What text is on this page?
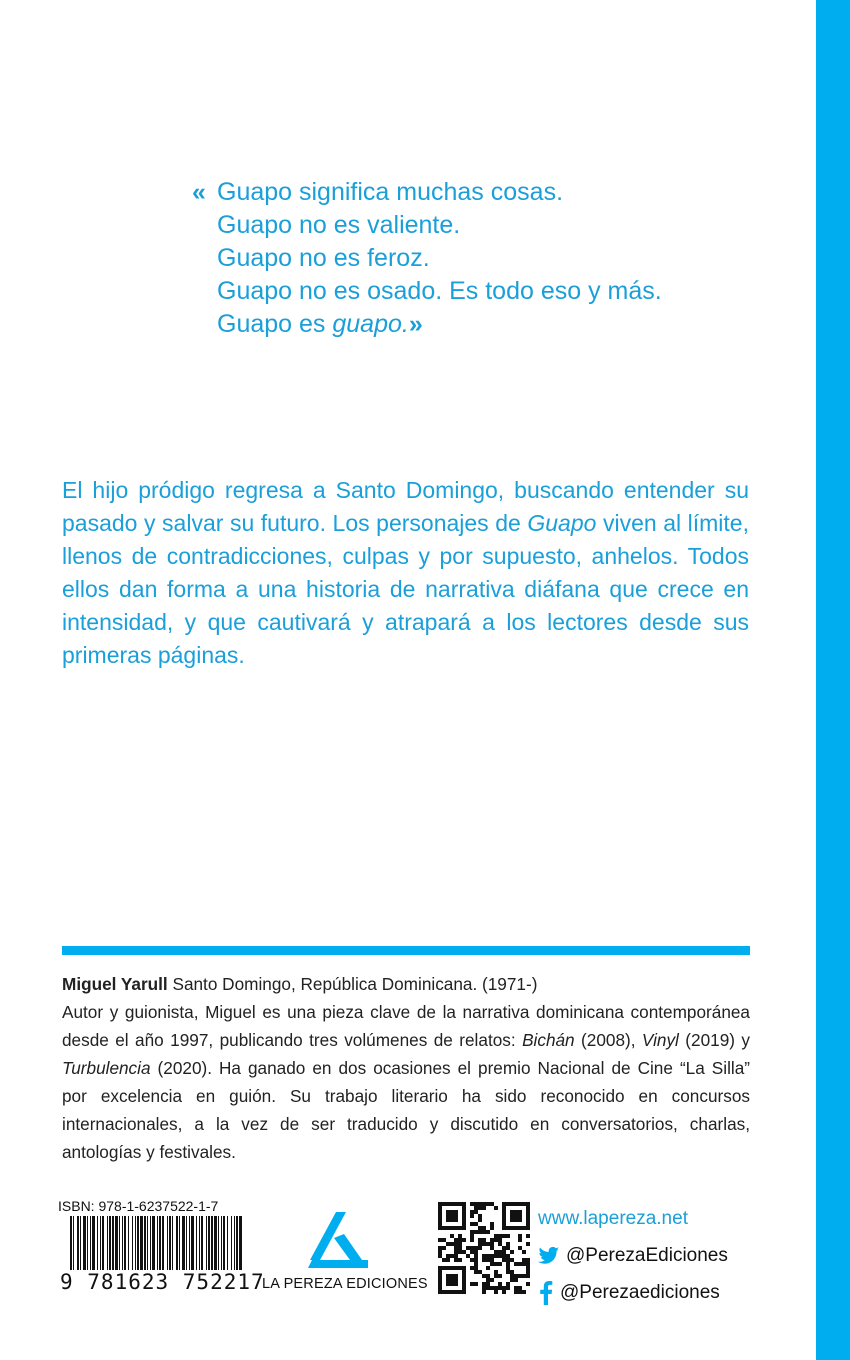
« Guapo significa muchas cosas.
Guapo no es valiente.
Guapo no es feroz.
Guapo no es osado. Es todo eso y más.
Guapo es guapo.»
El hijo pródigo regresa a Santo Domingo, buscando entender su pasado y salvar su futuro. Los personajes de Guapo viven al límite, llenos de contradicciones, culpas y por supuesto, anhelos. Todos ellos dan forma a una historia de narrativa diáfana que crece en intensidad, y que cautivará y atrapará a los lectores desde sus primeras páginas.
Miguel Yarull Santo Domingo, República Dominicana. (1971-)
Autor y guionista, Miguel es una pieza clave de la narrativa dominicana contemporánea desde el año 1997, publicando tres volúmenes de relatos: Bichán (2008), Vinyl (2019) y Turbulencia (2020). Ha ganado en dos ocasiones el premio Nacional de Cine “La Silla” por excelencia en guión. Su trabajo literario ha sido reconocido en concursos internacionales, a la vez de ser traducido y discutido en conversatorios, charlas, antologías y festivales.
ISBN: 978-1-6237522-1-7
9 781623 752217
LA PEREZA EDICIONES
www.lapereza.net
@PerezaEdiciones
@Perezaediciones
